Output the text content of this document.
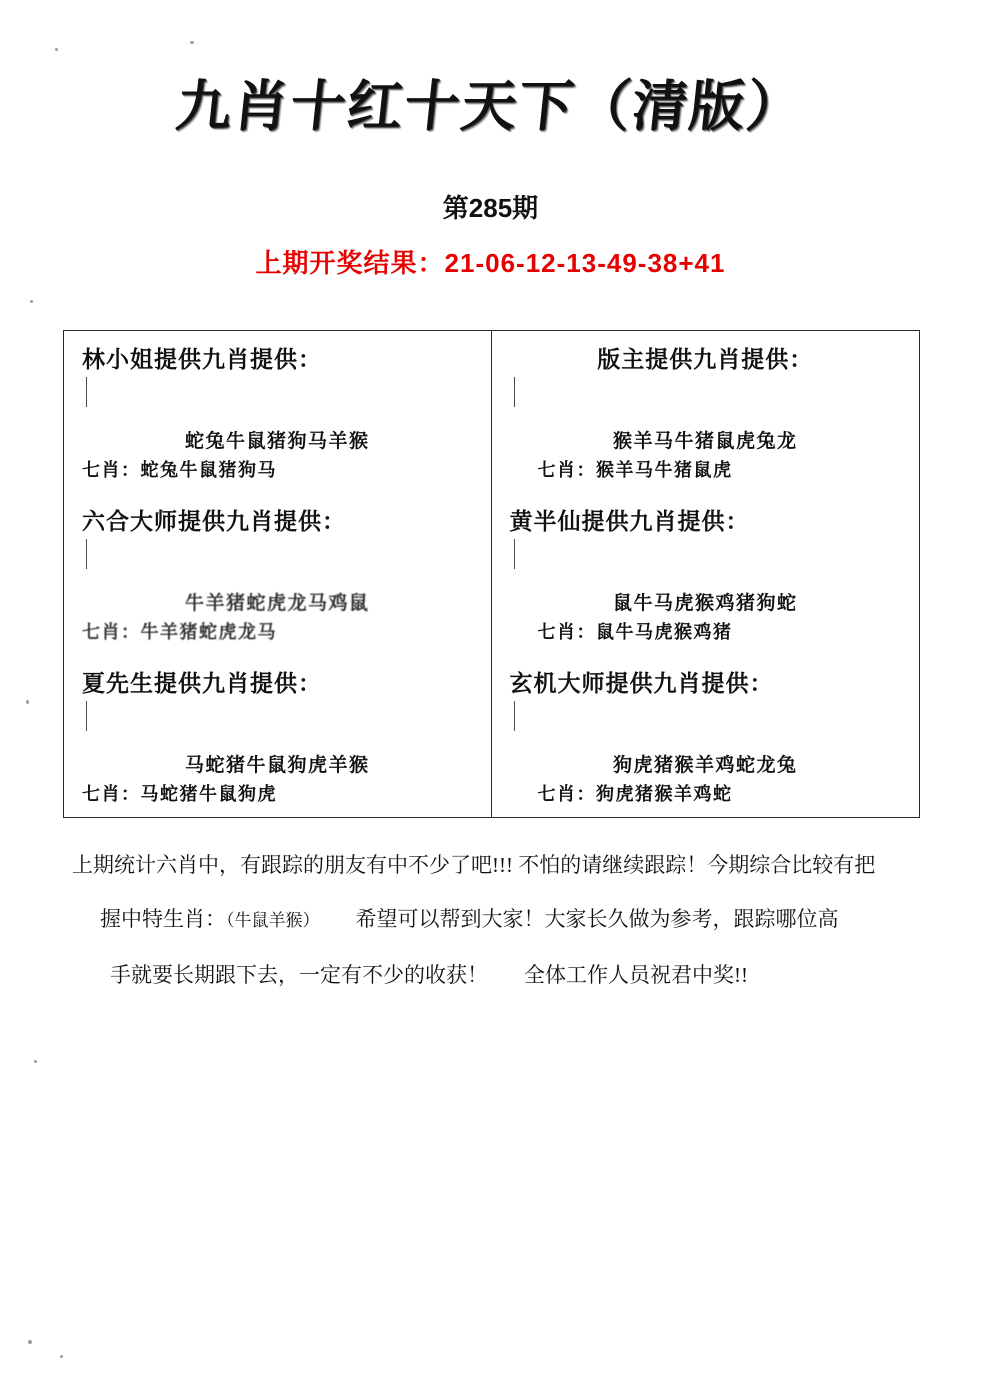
九肖十红十天下（清版）
第285期
上期开奖结果：21-06-12-13-49-38+41
林小姐提供九肖提供：
蛇兔牛鼠猪狗马羊猴
七肖：蛇兔牛鼠猪狗马
六合大师提供九肖提供：
牛羊猪蛇虎龙马鸡鼠
七肖：牛羊猪蛇虎龙马
夏先生提供九肖提供：
马蛇猪牛鼠狗虎羊猴
七肖：马蛇猪牛鼠狗虎
版主提供九肖提供：
猴羊马牛猪鼠虎兔龙
七肖：猴羊马牛猪鼠虎
黄半仙提供九肖提供：
鼠牛马虎猴鸡猪狗蛇
七肖：鼠牛马虎猴鸡猪
玄机大师提供九肖提供：
狗虎猪猴羊鸡蛇龙兔
七肖：狗虎猪猴羊鸡蛇
上期统计六肖中，有跟踪的朋友有中不少了吧!!! 不怕的请继续跟踪！今期综合比较有把
握中特生肖：（牛鼠羊猴） 希望可以帮到大家！大家长久做为参考，跟踪哪位高
手就要长期跟下去，一定有不少的收获！ 全体工作人员祝君中奖!!
